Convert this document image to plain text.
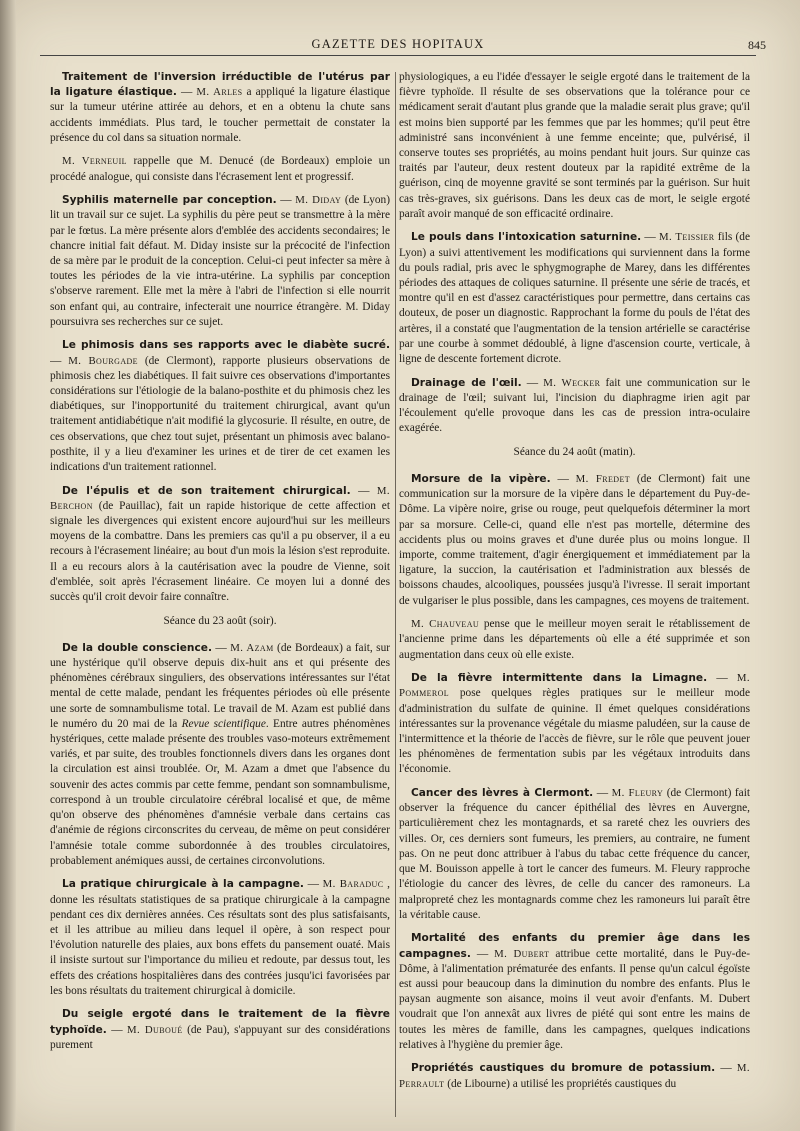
GAZETTE DES HOPITAUX	845

Traitement de l'inversion irréductible de l'utérus par la ligature élastique. — M. Arles a appliqué la ligature élastique sur la tumeur utérine attirée au dehors, et en a obtenu la chute sans accidents immédiats. Plus tard, le toucher permettait de constater la présence du col dans sa situation normale.

M. Verneuil rappelle que M. Denucé (de Bordeaux) emploie un procédé analogue, qui consiste dans l'écrasement lent et progressif.

Syphilis maternelle par conception. — M. Diday (de Lyon) lit un travail sur ce sujet. La syphilis du père peut se transmettre à la mère par le fœtus. La mère présente alors d'emblée des accidents secondaires; le chancre initial fait défaut. M. Diday insiste sur la précocité de l'infection de sa mère par le produit de la conception. Celui-ci peut infecter sa mère à toutes les périodes de la vie intra-utérine. La syphilis par conception s'observe rarement. Elle met la mère à l'abri de l'infection si elle nourrit son enfant qui, au contraire, infecterait une nourrice étrangère. M. Diday poursuivra ses recherches sur ce sujet.

Le phimosis dans ses rapports avec le diabète sucré. — M. Bourgade (de Clermont), rapporte plusieurs observations de phimosis chez les diabétiques. Il fait suivre ces observations d'importantes considérations sur l'étiologie de la balano-posthite et du phimosis chez les diabétiques, sur l'inopportunité du traitement chirurgical, avant qu'un traitement antidiabétique n'ait modifié la glycosurie. Il résulte, en outre, de ces observations, que chez tout sujet, présentant un phimosis avec balano-posthite, il y a lieu d'examiner les urines et de tirer de cet examen les indications d'un traitement rationnel.

De l'épulis et de son traitement chirurgical. — M. Berchon (de Pauillac), fait un rapide historique de cette affection et signale les divergences qui existent encore aujourd'hui sur les meilleurs moyens de la combattre. Dans les premiers cas qu'il a pu observer, il a eu recours à l'écrasement linéaire; au bout d'un mois la lésion s'est reproduite. Il a eu recours alors à la cautérisation avec la poudre de Vienne, soit d'emblée, soit après l'écrasement linéaire. Ce moyen lui a donné des succès qu'il croit devoir faire connaître.

Séance du 23 août (soir).

De la double conscience. — M. Azam (de Bordeaux) a fait, sur une hystérique qu'il observe depuis dix-huit ans et qui présente des phénomènes cérébraux singuliers, des observations intéressantes sur l'état mental de cette malade, pendant les fréquentes périodes où elle présente une sorte de somnambulisme total. Le travail de M. Azam est publié dans le numéro du 20 mai de la Revue scientifique. Entre autres phénomènes hystériques, cette malade présente des troubles vaso-moteurs extrêmement variés, et par suite, des troubles fonctionnels divers dans les organes dont la circulation est ainsi troublée. Or, M. Azam a dmet que l'absence du souvenir des actes commis par cette femme, pendant son somnambulisme, correspond à un trouble circulatoire cérébral localisé et que, de même qu'on observe des phénomènes d'amnésie verbale dans certains cas d'anémie de régions circonscrites du cerveau, de même on peut considérer l'amnésie totale comme subordonnée à des troubles circulatoires, probablement anémiques aussi, de certaines circonvolutions.

La pratique chirurgicale à la campagne. — M. Baraduc , donne les résultats statistiques de sa pratique chirurgicale à la campagne pendant ces dix dernières années. Ces résultats sont des plus satisfaisants, et il les attribue au milieu dans lequel il opère, à son respect pour l'évolution naturelle des plaies, aux bons effets du pansement ouaté. Mais il insiste surtout sur l'importance du milieu et redoute, par dessus tout, les effets des créations hospitalières dans des contrées jusqu'ici favorisées par les bons résultats du traitement chirurgical à domicile.

Du seigle ergoté dans le traitement de la fièvre typhoïde. — M. Duboué (de Pau), s'appuyant sur des considérations purement

physiologiques, a eu l'idée d'essayer le seigle ergoté dans le traitement de la fièvre typhoïde. Il résulte de ses observations que la tolérance pour ce médicament serait d'autant plus grande que la maladie serait plus grave; qu'il est moins bien supporté par les femmes que par les hommes; qu'il peut être administré sans inconvénient à une femme enceinte; que, pulvérisé, il conserve toutes ses propriétés, au moins pendant huit jours. Sur quinze cas traités par l'auteur, deux restent douteux par la rapidité extrême de la guérison, cinq de moyenne gravité se sont terminés par la guérison. Sur huit cas très-graves, six guérisons. Dans les deux cas de mort, le seigle ergoté paraît avoir manqué de son efficacité ordinaire.

Le pouls dans l'intoxication saturnine. — M. Teissier fils (de Lyon) a suivi attentivement les modifications qui surviennent dans la forme du pouls radial, pris avec le sphygmographe de Marey, dans les différentes périodes des attaques de coliques saturnine. Il présente une série de tracés, et montre qu'il en est d'assez caractéristiques pour permettre, dans certains cas douteux, de poser un diagnostic. Rapprochant la forme du pouls de l'état des artères, il a constaté que l'augmentation de la tension artérielle se caractérise par une courbe à sommet dédoublé, à ligne d'ascension courte, verticale, à ligne de descente fortement dicrote.

Drainage de l'œil. — M. Wecker fait une communication sur le drainage de l'œil; suivant lui, l'incision du diaphragme irien agit par l'écoulement qu'elle provoque dans les cas de pression intra-oculaire exagérée.

Séance du 24 août (matin).

Morsure de la vipère. — M. Fredet (de Clermont) fait une communication sur la morsure de la vipère dans le département du Puy-de-Dôme. La vipère noire, grise ou rouge, peut quelquefois déterminer la mort par sa morsure. Celle-ci, quand elle n'est pas mortelle, détermine des accidents plus ou moins graves et d'une durée plus ou moins longue. Il importe, comme traitement, d'agir énergiquement et immédiatement par la ligature, la succion, la cautérisation et l'administration aux blessés de boissons chaudes, alcooliques, poussées jusqu'à l'ivresse. Il serait important de vulgariser le plus possible, dans les campagnes, ces moyens de traitement.

M. Chauveau pense que le meilleur moyen serait le rétablissement de l'ancienne prime dans les départements où elle a été supprimée et son augmentation dans ceux où elle existe.

De la fièvre intermittente dans la Limagne. — M. Pommerol pose quelques règles pratiques sur le meilleur mode d'administration du sulfate de quinine. Il émet quelques considérations intéressantes sur la provenance végétale du miasme paludéen, sur la cause de l'intermittence et la théorie de l'accès de fièvre, sur le rôle que peuvent jouer les phénomènes de fermentation subis par les végétaux introduits dans l'économie.

Cancer des lèvres à Clermont. — M. Fleury (de Clermont) fait observer la fréquence du cancer épithélial des lèvres en Auvergne, particulièrement chez les montagnards, et sa rareté chez les ouvriers des villes. Or, ces derniers sont fumeurs, les premiers, au contraire, ne fument pas. On ne peut donc attribuer à l'abus du tabac cette fréquence du cancer, que M. Bouisson appelle à tort le cancer des fumeurs. M. Fleury rapproche l'étiologie du cancer des lèvres, de celle du cancer des ramoneurs. La malpropreté chez les montagnards comme chez les ramoneurs lui paraît être la véritable cause.

Mortalité des enfants du premier âge dans les campagnes. — M. Dubert attribue cette mortalité, dans le Puy-de-Dôme, à l'alimentation prématurée des enfants. Il pense qu'un calcul égoïste est aussi pour beaucoup dans la diminution du nombre des enfants. Plus le paysan augmente son aisance, moins il veut avoir d'enfants. M. Dubert voudrait que l'on annexât aux livres de piété qui sont entre les mains de toutes les mères de famille, dans les campagnes, quelques indications relatives à l'hygiène du premier âge.

Propriétés caustiques du bromure de potassium. — M. Perrault (de Libourne) a utilisé les propriétés caustiques du
